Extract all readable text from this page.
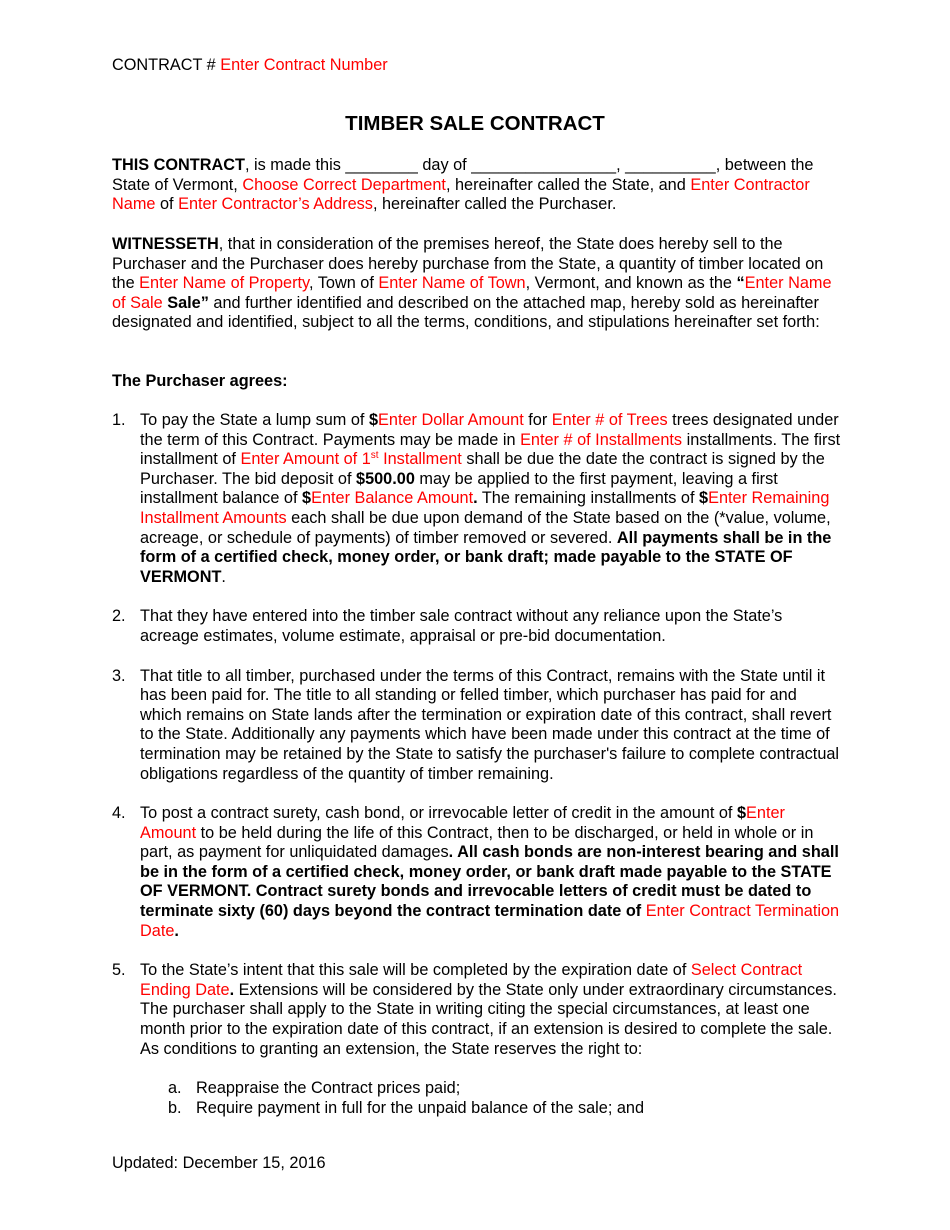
CONTRACT # Enter Contract Number
TIMBER SALE CONTRACT
THIS CONTRACT, is made this ________ day of ________________, __________, between the State of Vermont, Choose Correct Department, hereinafter called the State, and Enter Contractor Name of Enter Contractor’s Address, hereinafter called the Purchaser.
WITNESSETH, that in consideration of the premises hereof, the State does hereby sell to the Purchaser and the Purchaser does hereby purchase from the State, a quantity of timber located on the Enter Name of Property, Town of Enter Name of Town, Vermont, and known as the “Enter Name of Sale Sale” and further identified and described on the attached map, hereby sold as hereinafter designated and identified, subject to all the terms, conditions, and stipulations hereinafter set forth:
The Purchaser agrees:
1. To pay the State a lump sum of $Enter Dollar Amount for Enter # of Trees trees designated under the term of this Contract. Payments may be made in Enter # of Installments installments. The first installment of Enter Amount of 1st Installment shall be due the date the contract is signed by the Purchaser. The bid deposit of $500.00 may be applied to the first payment, leaving a first installment balance of $Enter Balance Amount. The remaining installments of $Enter Remaining Installment Amounts each shall be due upon demand of the State based on the (*value, volume, acreage, or schedule of payments) of timber removed or severed. All payments shall be in the form of a certified check, money order, or bank draft; made payable to the STATE OF VERMONT.
2. That they have entered into the timber sale contract without any reliance upon the State’s acreage estimates, volume estimate, appraisal or pre-bid documentation.
3. That title to all timber, purchased under the terms of this Contract, remains with the State until it has been paid for. The title to all standing or felled timber, which purchaser has paid for and which remains on State lands after the termination or expiration date of this contract, shall revert to the State. Additionally any payments which have been made under this contract at the time of termination may be retained by the State to satisfy the purchaser's failure to complete contractual obligations regardless of the quantity of timber remaining.
4. To post a contract surety, cash bond, or irrevocable letter of credit in the amount of $Enter Amount to be held during the life of this Contract, then to be discharged, or held in whole or in part, as payment for unliquidated damages. All cash bonds are non-interest bearing and shall be in the form of a certified check, money order, or bank draft made payable to the STATE OF VERMONT. Contract surety bonds and irrevocable letters of credit must be dated to terminate sixty (60) days beyond the contract termination date of Enter Contract Termination Date.
5. To the State’s intent that this sale will be completed by the expiration date of Select Contract Ending Date. Extensions will be considered by the State only under extraordinary circumstances. The purchaser shall apply to the State in writing citing the special circumstances, at least one month prior to the expiration date of this contract, if an extension is desired to complete the sale. As conditions to granting an extension, the State reserves the right to:
a. Reappraise the Contract prices paid;
b. Require payment in full for the unpaid balance of the sale; and
Updated: December 15, 2016
